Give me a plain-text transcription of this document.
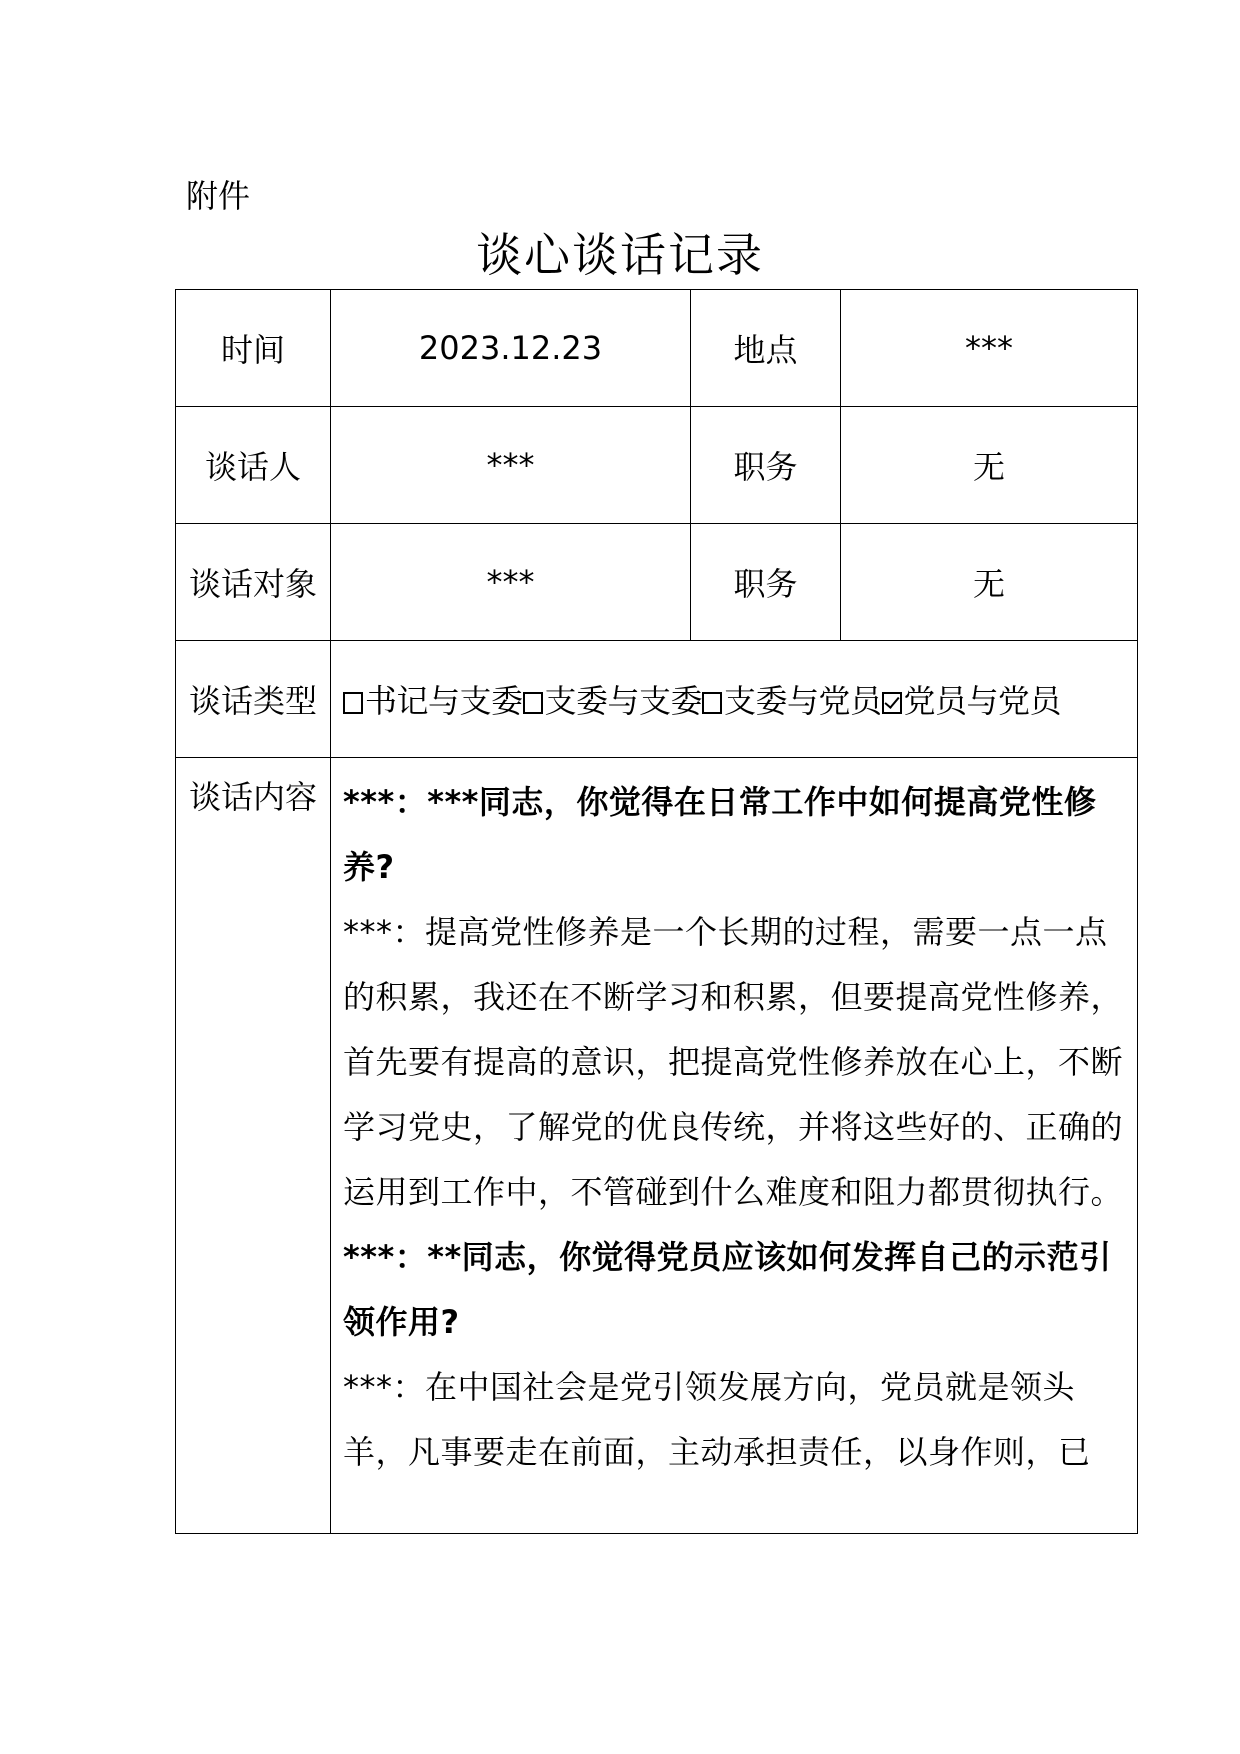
附件
谈心谈话记录
时间	2023.12.23	地点	***
谈话人	***	职务	无
谈话对象	***	职务	无
谈话类型	书记与支委 支委与支委 支委与党员 党员与党员		
谈话内容	***：***同志，你觉得在日常工作中如何提高党性修养?

***：提高党性修养是一个长期的过程，需要一点一点的积累，我还在不断学习和积累，但要提高党性修养，首先要有提高的意识，把提高党性修养放在心上，不断学习党史，了解党的优良传统，并将这些好的、正确的运用到工作中，不管碰到什么难度和阻力都贯彻执行。

***：**同志，你觉得党员应该如何发挥自己的示范引领作用?

***：在中国社会是党引领发展方向，党员就是领头羊，凡事要走在前面，主动承担责任，以身作则，已		
